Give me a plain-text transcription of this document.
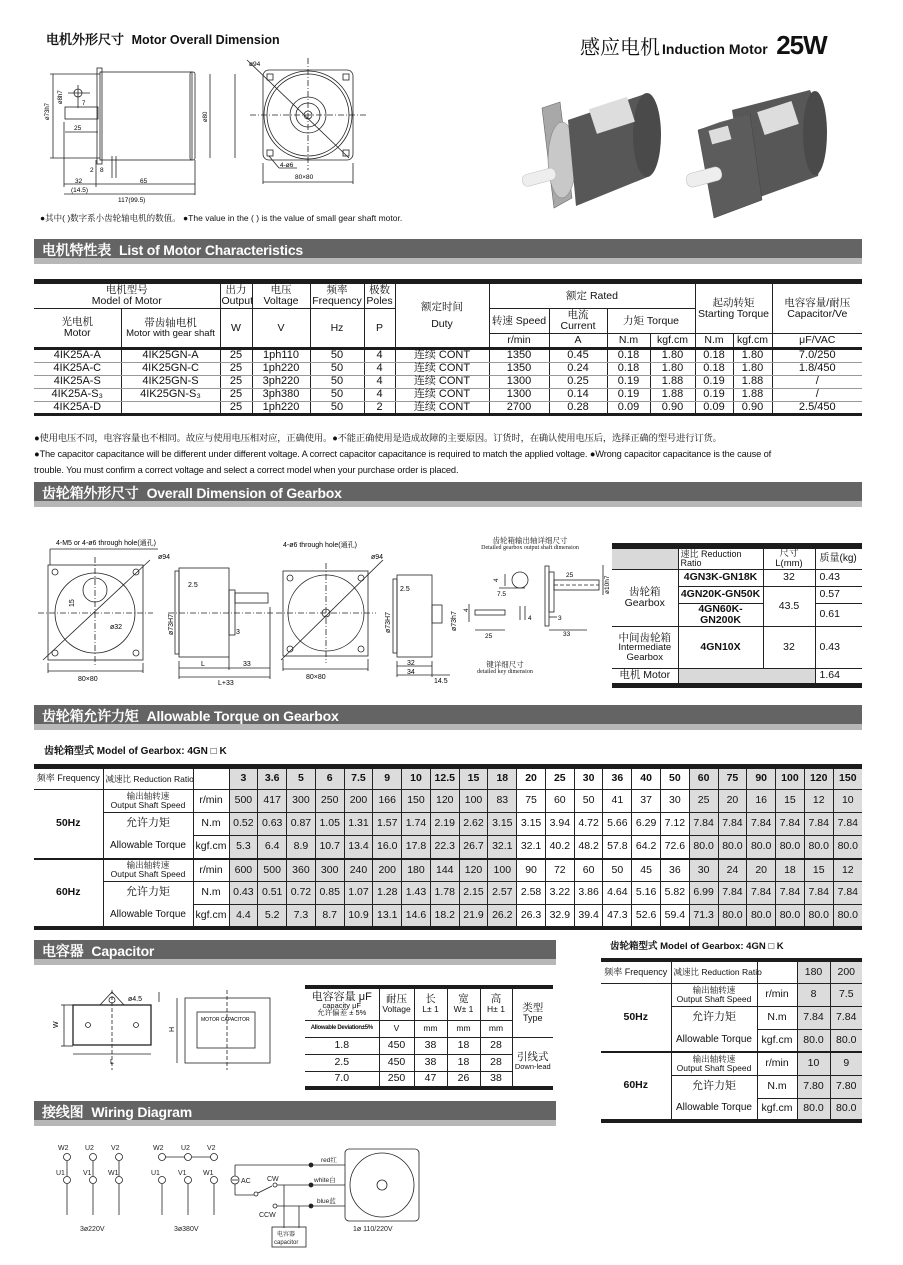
电机外形尺寸 Motor Overall Dimension
ø73h7
ø8h7	7
25
ø80
2 8
32
(14.5)
65
117(99.5)
ø94
4-ø6
80×80
●其中( )数字系小齿轮轴电机的数值。 ●The value in the ( ) is the value of small gear shaft motor.
感应电机 Induction Motor 25W
电机特性表 List of Motor Characteristics
电机型号
Model of Motor

出力
Output

电压
Voltage

频率
Frequency

极数
Poles	额定时间
Duty
	额定 Rated	
起动转矩
Starting Torque

电容容量/耐压
Capacitor/Ve

光电机
Motor

带齿轴电机
Motor with gear shaft	W	V	Hz	P	转速 Speed	电流 Current	力矩 Torque
r/min	A	N.m	kgf.cm	N.m	kgf.cm	μF/VAC
4IK25A-A	4IK25GN-A	25	1ph110	50	4	连续 CONT	1350	0.45	0.18	1.80	0.18	1.80	7.0/250
4IK25A-C	4IK25GN-C	25	1ph220	50	4	连续 CONT	1350	0.24	0.18	1.80	0.18	1.80	1.8/450
4IK25A-S	4IK25GN-S	25	3ph220	50	4	连续 CONT	1300	0.25	0.19	1.88	0.19	1.88	/
4IK25A-S₃	4IK25GN-S₃	25	3ph380	50	4	连续 CONT	1300	0.14	0.19	1.88	0.19	1.88	/
4IK25A-D		25	1ph220	50	2	连续 CONT	2700	0.28	0.09	0.90	0.09	0.90	2.5/450
●使用电压不同，电容容量也不相同。故应与使用电压相对应，正确使用。●不能正确使用是造成故障的主要原因。订货时，在确认使用电压后，选择正确的型号进行订货。
●The capacitor capacitance will be different under different voltage. A correct capacitor capacitance is required to match the applied voltage. ●Wrong capacitor capacitance is the cause of
trouble. You must confirm a correct voltage and select a correct model when your purchase order is placed.
齿轮箱外形尺寸 Overall Dimension of Gearbox
4-M5 or 4-ø6 through hole(通孔)
ø94
15
ø32
80×80
2.5
ø73H7	3
L	33
L+33
4-ø6 through hole(通孔)
ø94
80×80
2.5
ø73H7	ø73h7
32
34
14.5
齿轮箱输出轴详细尺寸
Detailed gearbox output shaft dimension
4
7.5
25
ø10h7
3
33
4
25
4
键详细尺寸
detailed key dimension
	速比 Reduction Ratio	尺寸 L(mm)	质量(kg)

齿轮箱
Gearbox
	4GN3K-GN18K	32	0.43
4GN20K-GN50K	43.5	0.57
4GN60K-GN200K	0.61

中间齿轮箱
Intermediate Gearbox
	4GN10X	32	0.43
电机 Motor		1.64
齿轮箱允许力矩 Allowable Torque on Gearbox
齿轮箱型式 Model of Gearbox: 4GN □ K
频率 Frequency	减速比 Reduction Ratio		3	3.6	5	6	7.5	9	10	12.5	15	18	20	25	30	36	40	50	60	75	90	100	120	150
50Hz	
输出轴转速
Output Shaft Speed	r/min	500	417	300	250	200	166	150	120	100	83	75	60	50	41	37	30	25	20	16	15	12	10
允许力矩	N.m	0.52	0.63	0.87	1.05	1.31	1.57	1.74	2.19	2.62	3.15	3.15	3.94	4.72	5.66	6.29	7.12	7.84	7.84	7.84	7.84	7.84	7.84
Allowable Torque	kgf.cm	5.3	6.4	8.9	10.7	13.4	16.0	17.8	22.3	26.7	32.1	32.1	40.2	48.2	57.8	64.2	72.6	80.0	80.0	80.0	80.0	80.0	80.0
60Hz	
输出轴转速
Output Shaft Speed	r/min	600	500	360	300	240	200	180	144	120	100	90	72	60	50	45	36	30	24	20	18	15	12
允许力矩	N.m	0.43	0.51	0.72	0.85	1.07	1.28	1.43	1.78	2.15	2.57	2.58	3.22	3.86	4.64	5.16	5.82	6.99	7.84	7.84	7.84	7.84	7.84
Allowable Torque	kgf.cm	4.4	5.2	7.3	8.7	10.9	13.1	14.6	18.2	21.9	26.2	26.3	32.9	39.4	47.3	52.6	59.4	71.3	80.0	80.0	80.0	80.0	80.0
电容器 Capacitor
ø4.5
W
L
H
MOTOR CAPACITOR
电容容量 μF
capacity μF
允许偏差 ± 5%

耐压
Voltage

长
L± 1

宽
W± 1

高
H± 1	类型
Type

Allowable Deviation±5%	V	mm	mm	mm
1.8	450	38	18	28	
引线式
Down-lead

2.5	450	38	18	28
7.0	250	47	26	38
齿轮箱型式 Model of Gearbox: 4GN □ K
频率 Frequency	减速比 Reduction Ratio		180	200
50Hz	
输出轴转速
Output Shaft Speed	r/min	8	7.5
允许力矩	N.m	7.84	7.84
Allowable Torque	kgf.cm	80.0	80.0
60Hz	
输出轴转速
Output Shaft Speed	r/min	10	9
允许力矩	N.m	7.80	7.80
Allowable Torque	kgf.cm	80.0	80.0
接线图 Wiring Diagram
W2 U2 V2
U1	V1 W1
3ø220V
W2	U2 V2
U1	V1 W1
3ø380V
AC CW
CCW
red红
white白
blue蓝
电容器
capacitor
1ø 110/220V
